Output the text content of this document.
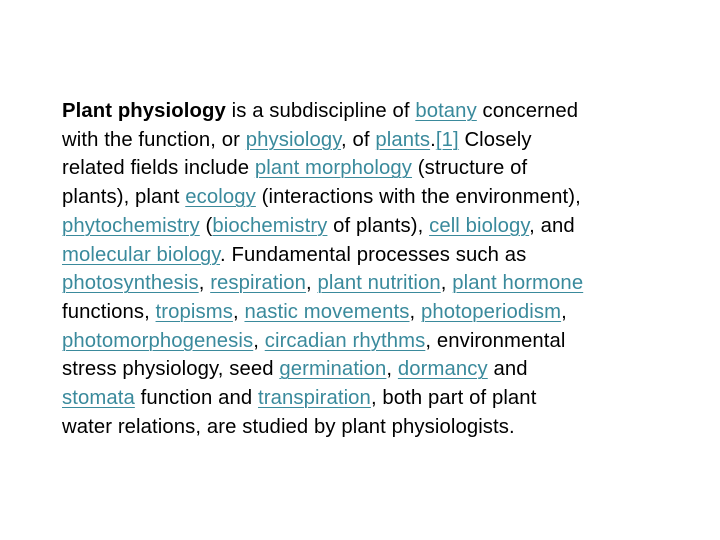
Plant physiology is a subdiscipline of botany concerned
with the function, or physiology, of plants.[1] Closely
related fields include plant morphology (structure of
plants), plant ecology (interactions with the environment),
phytochemistry (biochemistry of plants), cell biology, and
molecular biology. Fundamental processes such as
photosynthesis, respiration, plant nutrition, plant hormone
functions, tropisms, nastic movements, photoperiodism,
photomorphogenesis, circadian rhythms, environmental
stress physiology, seed germination, dormancy and
stomata function and transpiration, both part of plant
water relations, are studied by plant physiologists.
